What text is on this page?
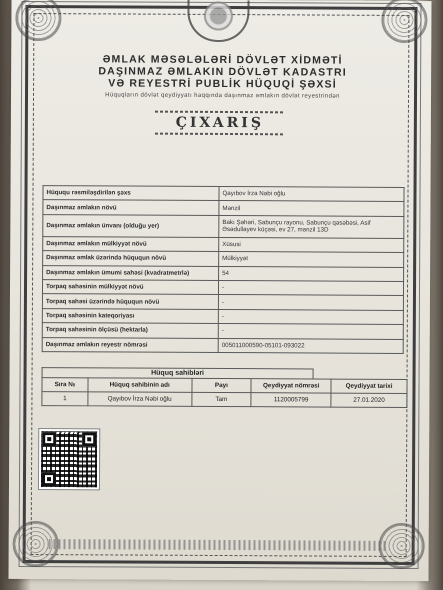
ƏMLAK MƏSƏLƏLƏRİ DÖVLƏT XİDMƏTİ
DAŞINMAZ ƏMLAKIN DÖVLƏT KADASTRI
VƏ REYESTRİ PUBLİK HÜQUQİ ŞƏXSİ
Hüquqların dövlət qeydiyyatı haqqında daşınmaz əmlakın dövlət reyestrindən
ÇIXARIŞ
Hüququ rəsmiləşdirilən şəxs	Qayıbov İrza Nəbi oğlu
Daşınmaz əmlakın növü	Mənzil
Daşınmaz əmlakın ünvanı (olduğu yer)	Bakı Şəhəri, Sabunçu rayonu, Sabunçu qəsəbəsi, Asif Əsədullayev küçəsi, ev 27, mənzil 13D
Daşınmaz əmlakın mülkiyyət növü	Xüsusi
Daşınmaz əmlak üzərində hüququn növü	Mülkiyyət
Daşınmaz əmlakın ümumi sahəsi (kvadratmetrlə)	54
Torpaq sahəsinin mülkiyyət növü	-
Torpaq sahəsi üzərində hüququn növü	-
Torpaq sahəsinin kateqoriyası	-
Torpaq sahəsinin ölçüsü (hektarla)	-
Daşınmaz əmlakın reyestr nömrəsi	005011000590-05101-093022
Hüquq sahibləri
Sıra №	Hüquq sahibinin adı	Payı	Qeydiyyat nömrəsi	Qeydiyyat tarixi
1	Qayıbov İrza Nəbi oğlu	Tam	1120005799	27.01.2020
